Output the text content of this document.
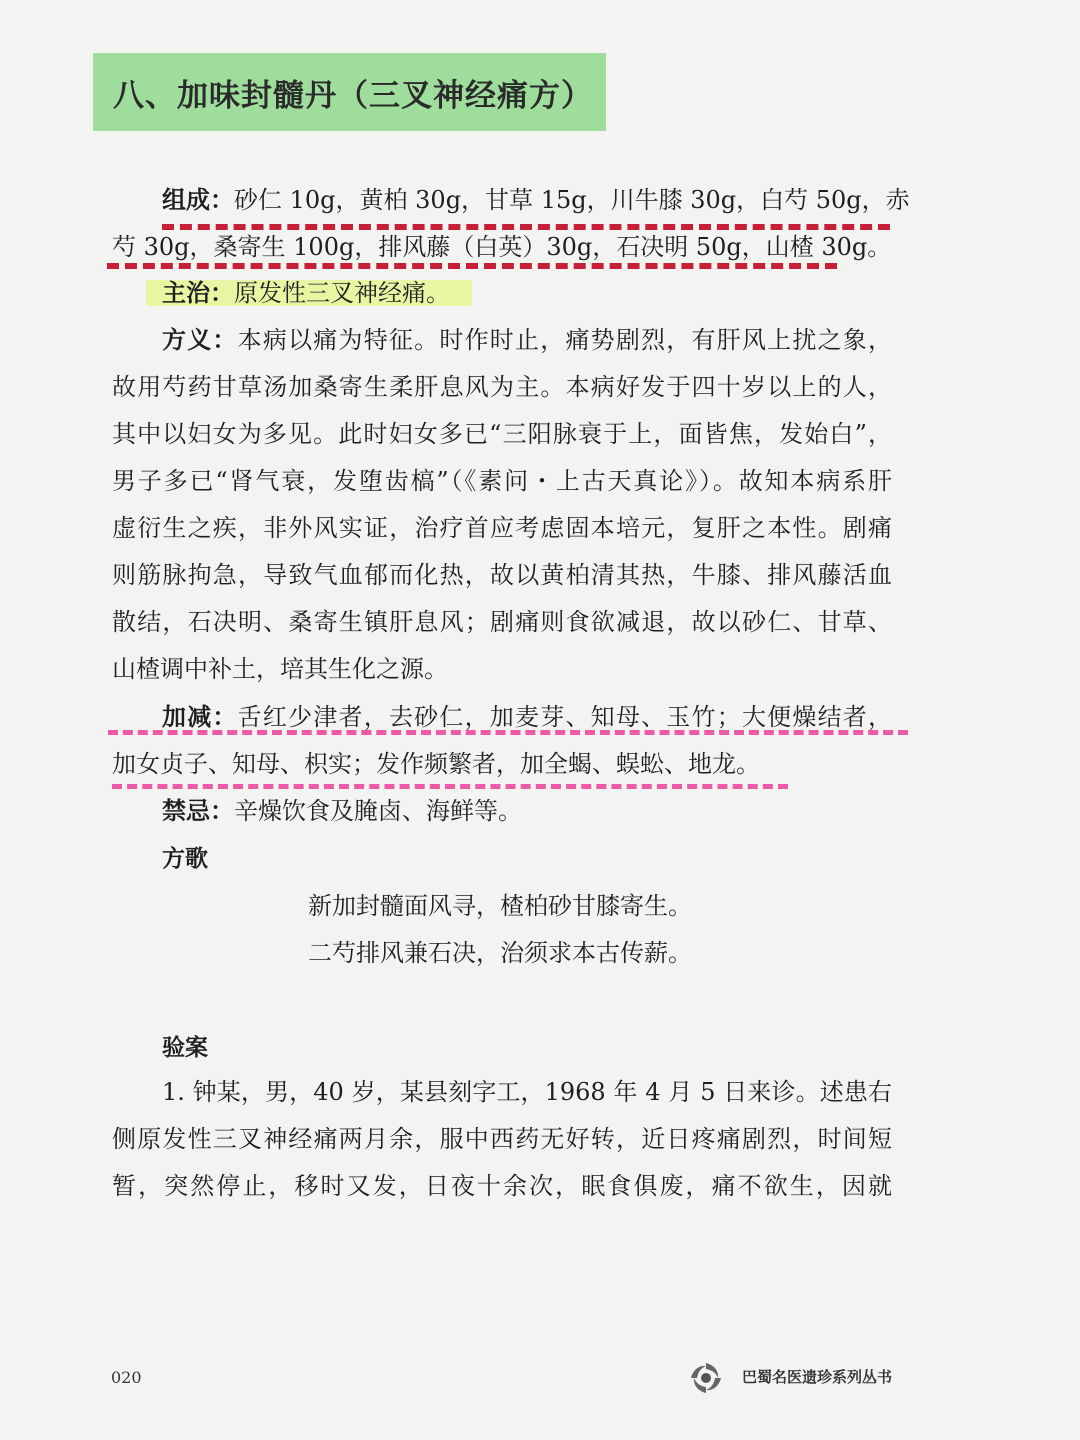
八、加味封髓丹（三叉神经痛方）
组成：砂仁 10g，黄柏 30g，甘草 15g，川牛膝 30g，白芍 50g，赤
芍 30g，桑寄生 100g，排风藤（白英）30g，石决明 50g，山楂 30g。
主治：原发性三叉神经痛。
方义：本病以痛为特征。时作时止，痛势剧烈，有肝风上扰之象，
故用芍药甘草汤加桑寄生柔肝息风为主。本病好发于四十岁以上的人，
其中以妇女为多见。此时妇女多已“三阳脉衰于上，面皆焦，发始白”，
男子多已“肾气衰，发堕齿槁”（《素问・上古天真论》）。故知本病系肝
虚衍生之疾，非外风实证，治疗首应考虑固本培元，复肝之本性。剧痛
则筋脉拘急，导致气血郁而化热，故以黄柏清其热，牛膝、排风藤活血
散结，石决明、桑寄生镇肝息风；剧痛则食欲减退，故以砂仁、甘草、
山楂调中补土，培其生化之源。
加减：舌红少津者，去砂仁，加麦芽、知母、玉竹；大便燥结者，
加女贞子、知母、枳实；发作频繁者，加全蝎、蜈蚣、地龙。
禁忌：辛燥饮食及腌卤、海鲜等。
方歌
新加封髓面风寻，楂柏砂甘膝寄生。
二芍排风兼石决，治须求本古传薪。
验案
1. 钟某，男，40 岁，某县刻字工，1968 年 4 月 5 日来诊。述患右
侧原发性三叉神经痛两月余，服中西药无好转，近日疼痛剧烈，时间短
暂，突然停止，移时又发，日夜十余次，眠食俱废，痛不欲生，因就
020	巴蜀名医遗珍系列丛书
